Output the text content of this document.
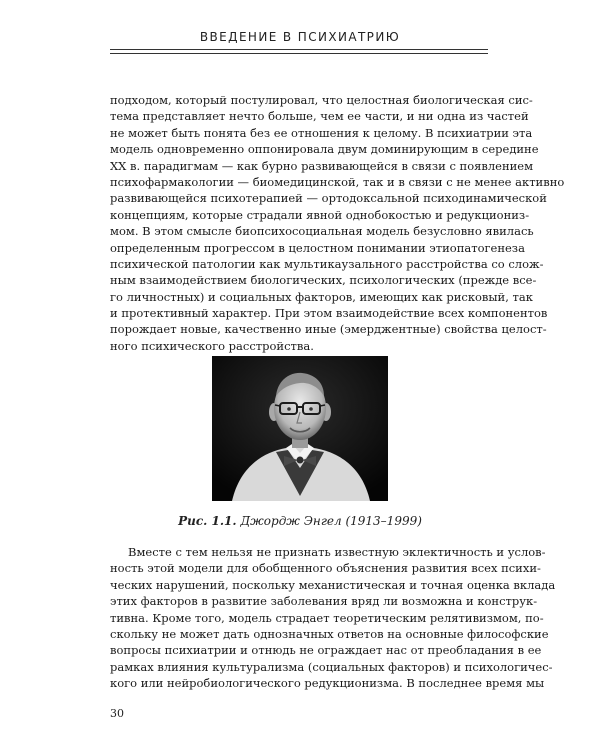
ВВЕДЕНИЕ В ПСИХИАТРИЮ
подходом, который постулировал, что целостная биологическая сис-
тема представляет нечто больше, чем ее части, и ни одна из частей
не может быть понята без ее отношения к целому. В психиатрии эта
модель одновременно оппонировала двум доминирующим в середине
XX в. парадигмам — как бурно развивающейся в связи с появлением
психофармакологии — биомедицинской, так и в связи с не менее активно
развивающейся психотерапией — ортодоксальной психодинамической
концепциям, которые страдали явной однобокостью и редукциониз-
мом. В этом смысле биопсихосоциальная модель безусловно явилась
определенным прогрессом в целостном понимании этиопатогенеза
психической патологии как мультикаузального расстройства со слож-
ным взаимодействием биологических, психологических (прежде все-
го личностных) и социальных факторов, имеющих как рисковый, так
и протективный характер. При этом взаимодействие всех компонентов
порождает новые, качественно иные (эмерджентные) свойства целост-
ного психического расстройства.
Рис. 1.1. Джордж Энгел (1913–1999)
Вместе с тем нельзя не признать известную эклектичность и услов-
ность этой модели для обобщенного объяснения развития всех психи-
ческих нарушений, поскольку механистическая и точная оценка вклада
этих факторов в развитие заболевания вряд ли возможна и конструк-
тивна. Кроме того, модель страдает теоретическим релятивизмом, по-
скольку не может дать однозначных ответов на основные философские
вопросы психиатрии и отнюдь не ограждает нас от преобладания в ее
рамках влияния культурализма (социальных факторов) и психологичес-
кого или нейробиологического редукционизма. В последнее время мы
30
